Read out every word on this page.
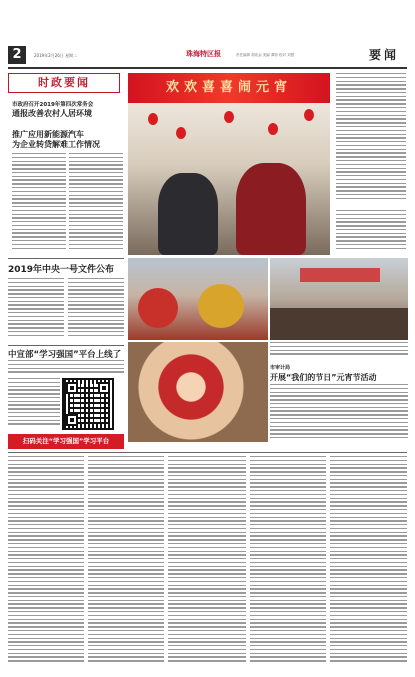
2	2019年2月26日 星期二	珠海特区报	责任编辑 胡宪金 美编 谭婷 校对 刘慧	要闻
时政要闻
市政府召开2019年第四次常务会
通报改善农村人居环境
推广应用新能源汽车
为企业转贷解难工作情况
欢欢喜喜闹元宵
2019年中央一号文件公布
中宣部“学习强国”平台上线了
扫码关注“学习强国”学习平台
市审计局
开展“我们的节日”元宵节活动
